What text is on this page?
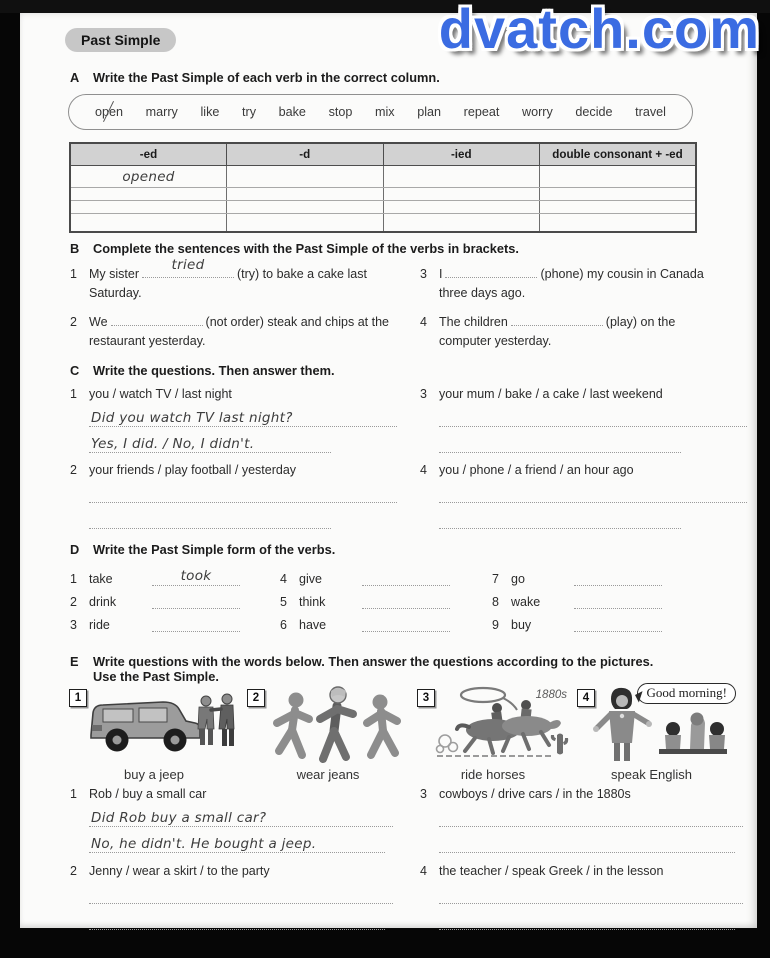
dvatch.com
Past Simple
A Write the Past Simple of each verb in the correct column.
open marry like try bake stop mix plan repeat worry decide travel
-ed	-d	-ied	double consonant + -ed
opened			

B Complete the sentences with the Past Simple of the verbs in brackets.
1 My sister
tried
(try) to bake a cake last Saturday.

3 I	(phone) my cousin in Canada three days ago.

2 We	(not order) steak and chips at the restaurant yesterday.

4 The children	(play) on the computer yesterday.

C Write the questions. Then answer them.
1 you / watch TV / last night
Did you watch TV last night?
Yes, I did. / No, I didn't.
3 your mum / bake / a cake / last weekend
2 your friends / play football / yesterday	4 you / phone / a friend / an hour ago
D Write the Past Simple form of the verbs.
1 take	took	4 give	7 go
2 drink	5 think	8 wake
3 ride	6 have	9 buy
E Write questions with the words below. Then answer the questions according to the pictures.
Use the Past Simple.
1
buy a jeep
2
wear jeans
3	1880s
ride horses
4	Good morning!
speak English
1 Rob / buy a small car
Did Rob buy a small car?
No, he didn't. He bought a jeep.
3 cowboys / drive cars / in the 1880s
2 Jenny / wear a skirt / to the party	4 the teacher / speak Greek / in the lesson
